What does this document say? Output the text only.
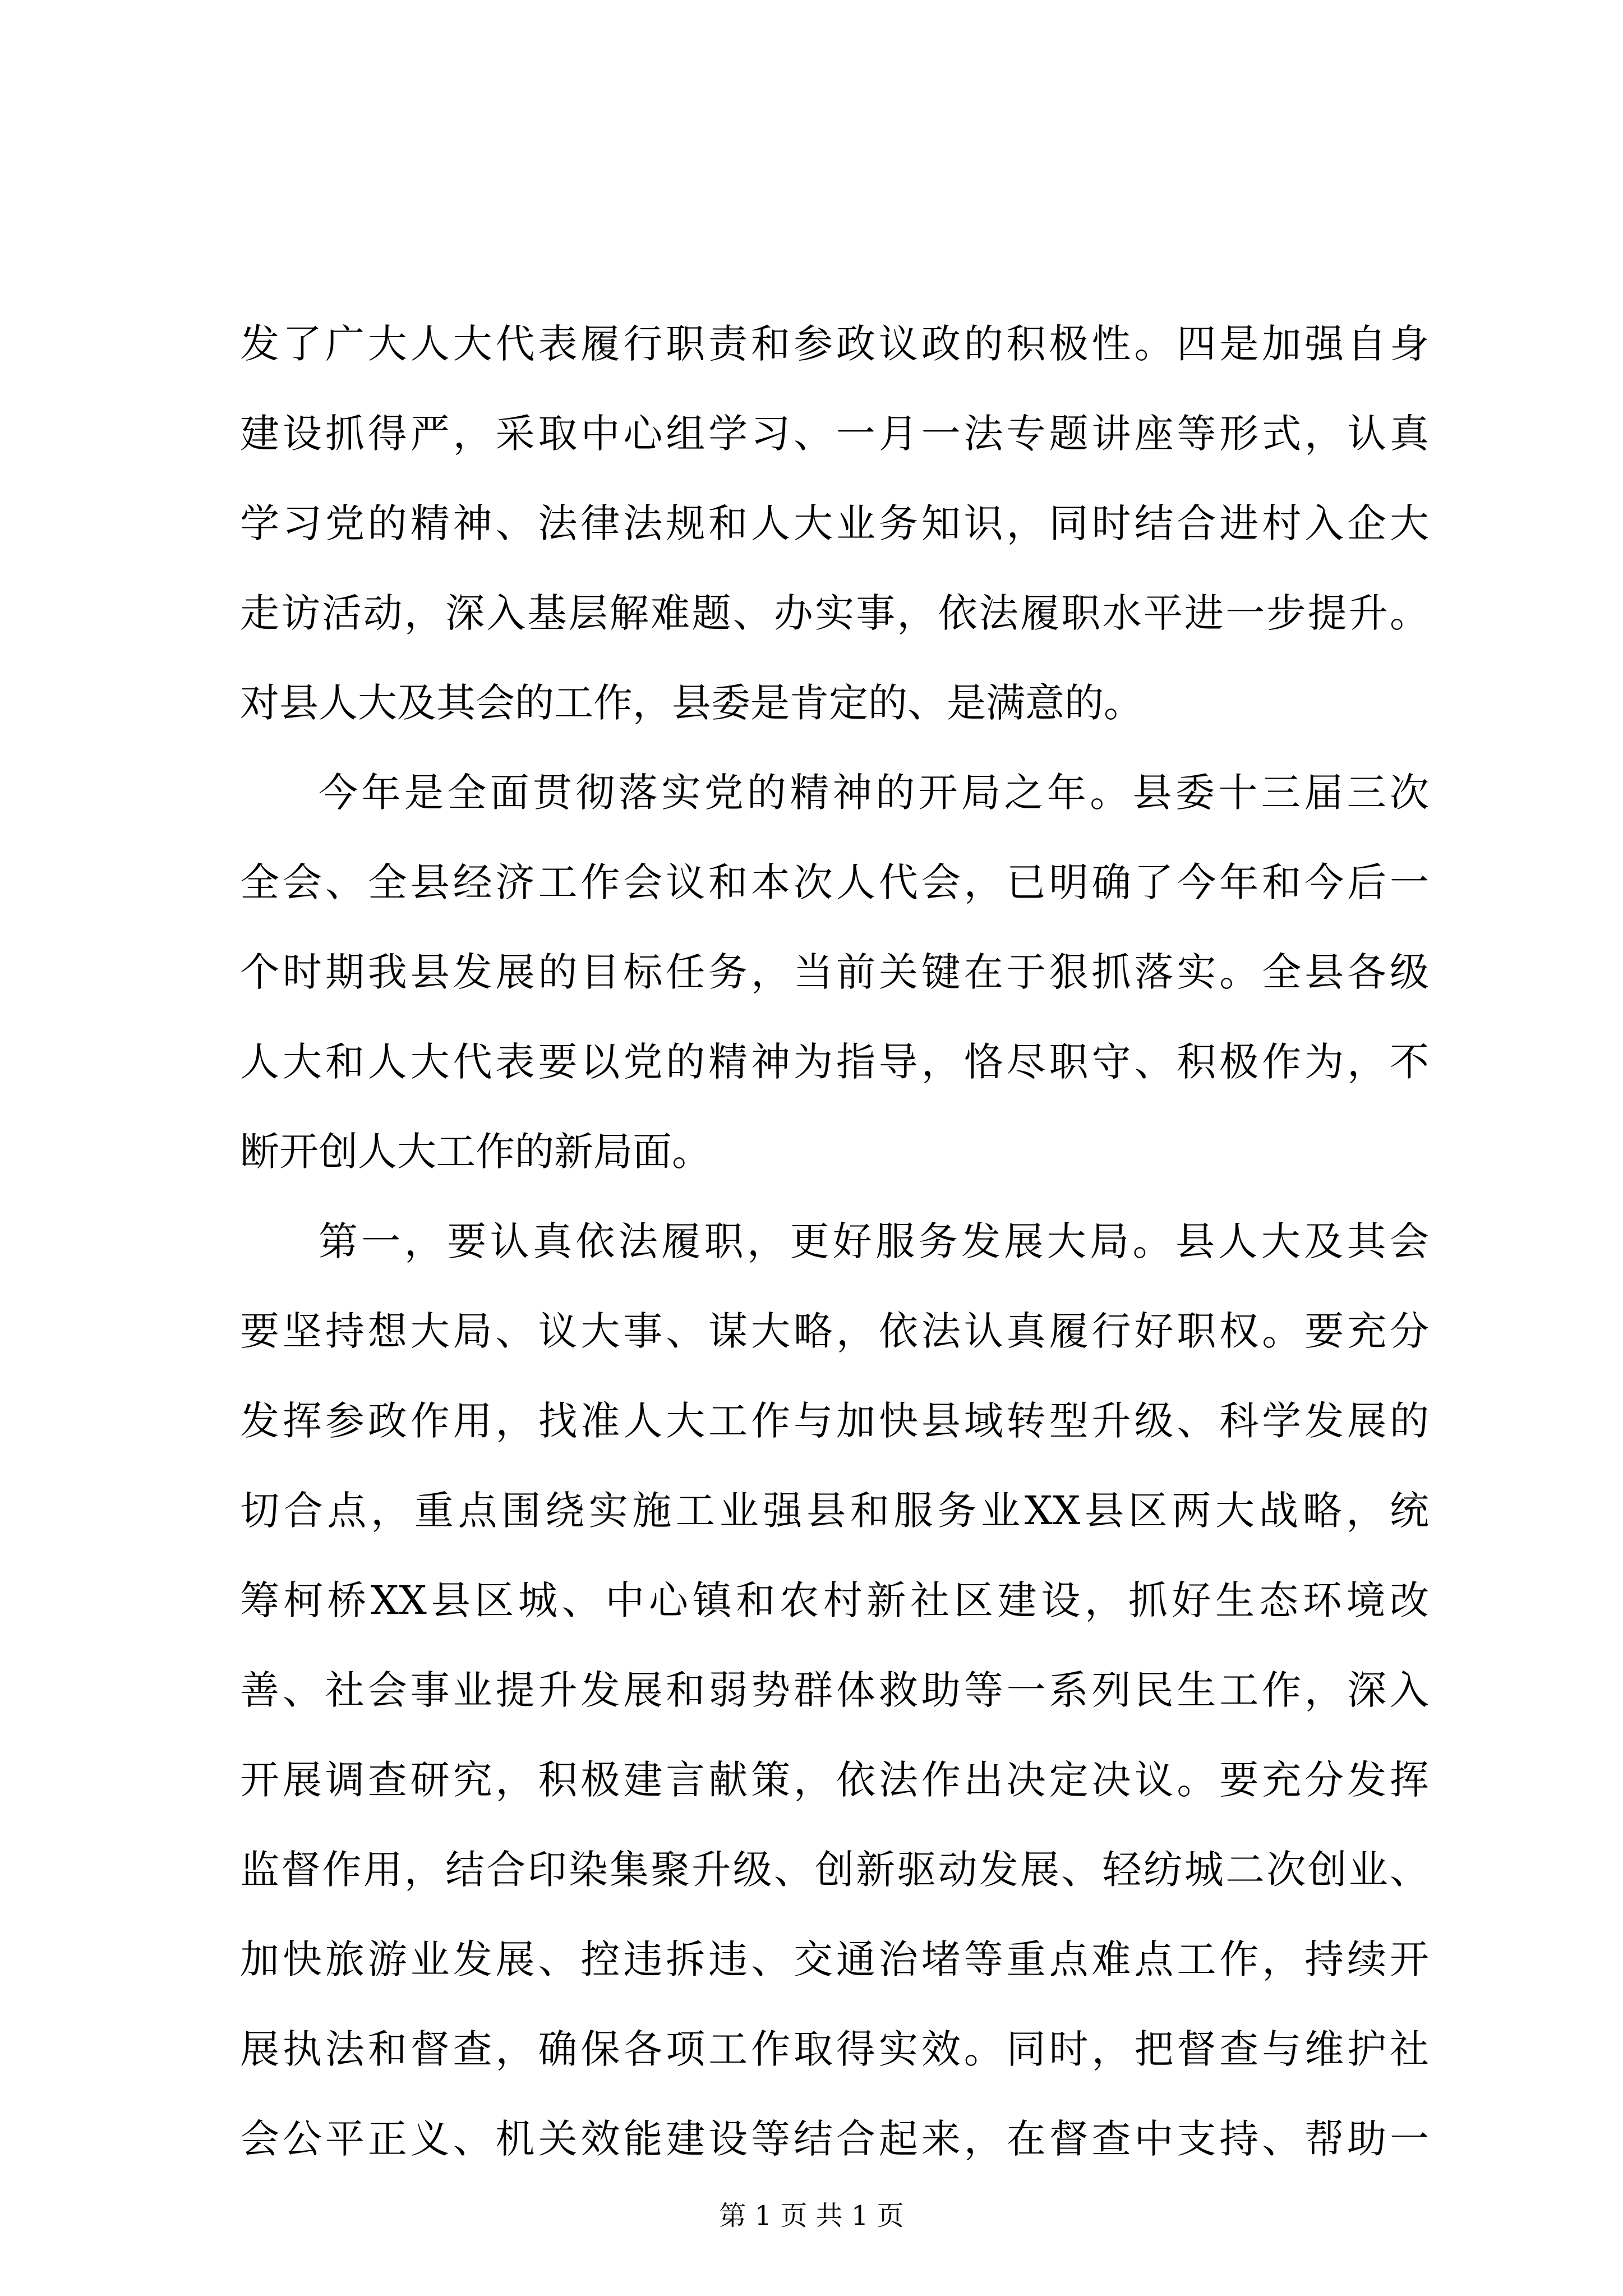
发了广大人大代表履行职责和参政议政的积极性。四是加强自身
建设抓得严，采取中心组学习、一月一法专题讲座等形式，认真
学习党的精神、法律法规和人大业务知识，同时结合进村入企大
走访活动，深入基层解难题、办实事，依法履职水平进一步提升。
对县人大及其会的工作，县委是肯定的、是满意的。
今年是全面贯彻落实党的精神的开局之年。县委十三届三次
全会、全县经济工作会议和本次人代会，已明确了今年和今后一
个时期我县发展的目标任务，当前关键在于狠抓落实。全县各级
人大和人大代表要以党的精神为指导，恪尽职守、积极作为，不
断开创人大工作的新局面。
第一，要认真依法履职，更好服务发展大局。县人大及其会
要坚持想大局、议大事、谋大略，依法认真履行好职权。要充分
发挥参政作用，找准人大工作与加快县域转型升级、科学发展的
切合点，重点围绕实施工业强县和服务业XX县区两大战略，统
筹柯桥XX县区城、中心镇和农村新社区建设，抓好生态环境改
善、社会事业提升发展和弱势群体救助等一系列民生工作，深入
开展调查研究，积极建言献策，依法作出决定决议。要充分发挥
监督作用，结合印染集聚升级、创新驱动发展、轻纺城二次创业、
加快旅游业发展、控违拆违、交通治堵等重点难点工作，持续开
展执法和督查，确保各项工作取得实效。同时，把督查与维护社
会公平正义、机关效能建设等结合起来，在督查中支持、帮助一
第 1 页 共 1 页
